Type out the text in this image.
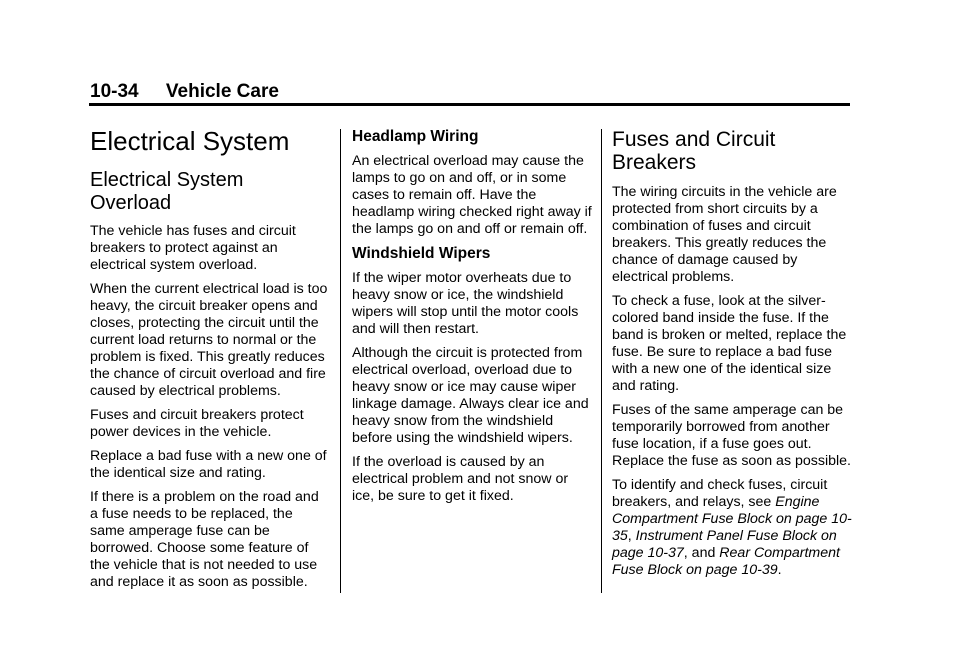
10-34 Vehicle Care
Electrical System
Electrical System Overload

The vehicle has fuses and circuit breakers to protect against an electrical system overload.

When the current electrical load is too heavy, the circuit breaker opens and closes, protecting the circuit until the current load returns to normal or the problem is fixed. This greatly reduces the chance of circuit overload and fire caused by electrical problems.

Fuses and circuit breakers protect power devices in the vehicle.

Replace a bad fuse with a new one of the identical size and rating.

If there is a problem on the road and a fuse needs to be replaced, the same amperage fuse can be borrowed. Choose some feature of the vehicle that is not needed to use and replace it as soon as possible.

Headlamp Wiring

An electrical overload may cause the lamps to go on and off, or in some cases to remain off. Have the headlamp wiring checked right away if the lamps go on and off or remain off.

Windshield Wipers

If the wiper motor overheats due to heavy snow or ice, the windshield wipers will stop until the motor cools and will then restart.

Although the circuit is protected from electrical overload, overload due to heavy snow or ice may cause wiper linkage damage. Always clear ice and heavy snow from the windshield before using the windshield wipers.

If the overload is caused by an electrical problem and not snow or ice, be sure to get it fixed.

Fuses and Circuit Breakers

The wiring circuits in the vehicle are protected from short circuits by a combination of fuses and circuit breakers. This greatly reduces the chance of damage caused by electrical problems.

To check a fuse, look at the silver-colored band inside the fuse. If the band is broken or melted, replace the fuse. Be sure to replace a bad fuse with a new one of the identical size and rating.

Fuses of the same amperage can be temporarily borrowed from another fuse location, if a fuse goes out. Replace the fuse as soon as possible.

To identify and check fuses, circuit breakers, and relays, see Engine Compartment Fuse Block on page 10-35, Instrument Panel Fuse Block on page 10-37, and Rear Compartment Fuse Block on page 10-39.
